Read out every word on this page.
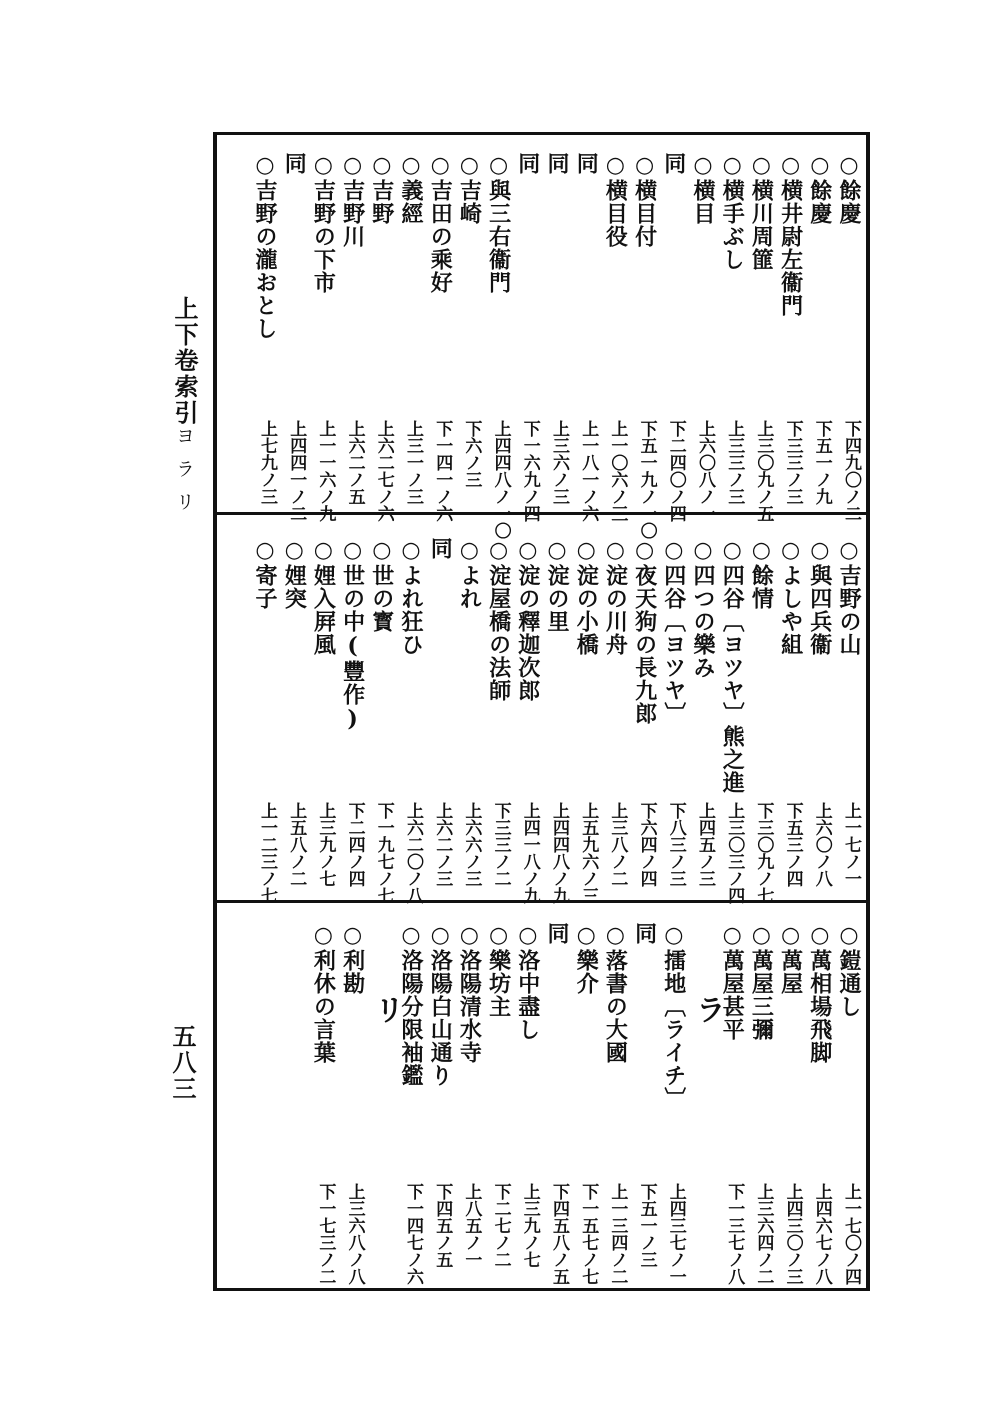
上下卷索引
ヨラリ
五八三
○餘慶
下四九〇ノ二
○餘慶
下五一ノ九
○横井尉左衞門
下三三ノ三
○横川周篚
上三〇九ノ五
○横手ぶし
上三三ノ三
○横目
上六〇八ノ一
同
下二四〇ノ四
○横目付
下五一九ノ一〇
○横目役
上一〇六ノ三
同
上一八一ノ六
同
上三六ノ三
同
下一六九ノ四
○與三右衞門
上四四八ノ一〇
○吉崎
下六ノ三
○吉田の乘好
下一四一ノ六
○義經
上三一ノ三
○吉野
上六二七ノ六
○吉野川
上六二ノ五
○吉野の下市
上一一六ノ九
同
上四四一ノ二
○吉野の瀧おとし
上七九ノ三
○吉野の山
上一七ノ一
○與四兵衞
上六〇ノ八
○よしや組
下五三ノ四
○餘情
下三〇九ノ七
○四谷〔ヨツヤ〕熊之進
上三〇三ノ四
○四つの樂み
上四五ノ三
○四谷〔ヨツヤ〕
下八三ノ三
○夜天狗の長九郎
下六四ノ四
○淀の川舟
上三八ノ二
○淀の小橋
上五九六ノ三
○淀の里
上四四八ノ九
○淀の釋迦次郎
上四一八ノ九
○淀屋橋の法師
下三三ノ二
○よれ
上六六ノ三
同
上六二ノ三
○よれ狂ひ
上六二〇ノ八
○世の寳
下一九七ノ七
○世の中(豐作)
下二四ノ四
○娌入屛風
上三九ノ七
○娌突
上五八ノ二
○寄子
上一二三ノ七
○鎧通し
上一七〇ノ四
○萬相場飛脚
上四六七ノ八
○萬屋
上四三〇ノ三
○萬屋三彌
上三六四ノ二
○萬屋甚平
下一三七ノ八
ラ
○擂地〔ライチ〕
上四三七ノ一
同
下五一ノ三
○落書の大國
上一三四ノ二
○樂介
下一五七ノ七
同
下四五八ノ五
○洛中盡し
上三九ノ七
○樂坊主
下二七ノ二
○洛陽清水寺
上八五ノ一
○洛陽白山通り
下四五ノ五
○洛陽分限袖鑑
下一四七ノ六
リ
○利勘
上三六八ノ八
○利休の言葉
下一七三ノ二
